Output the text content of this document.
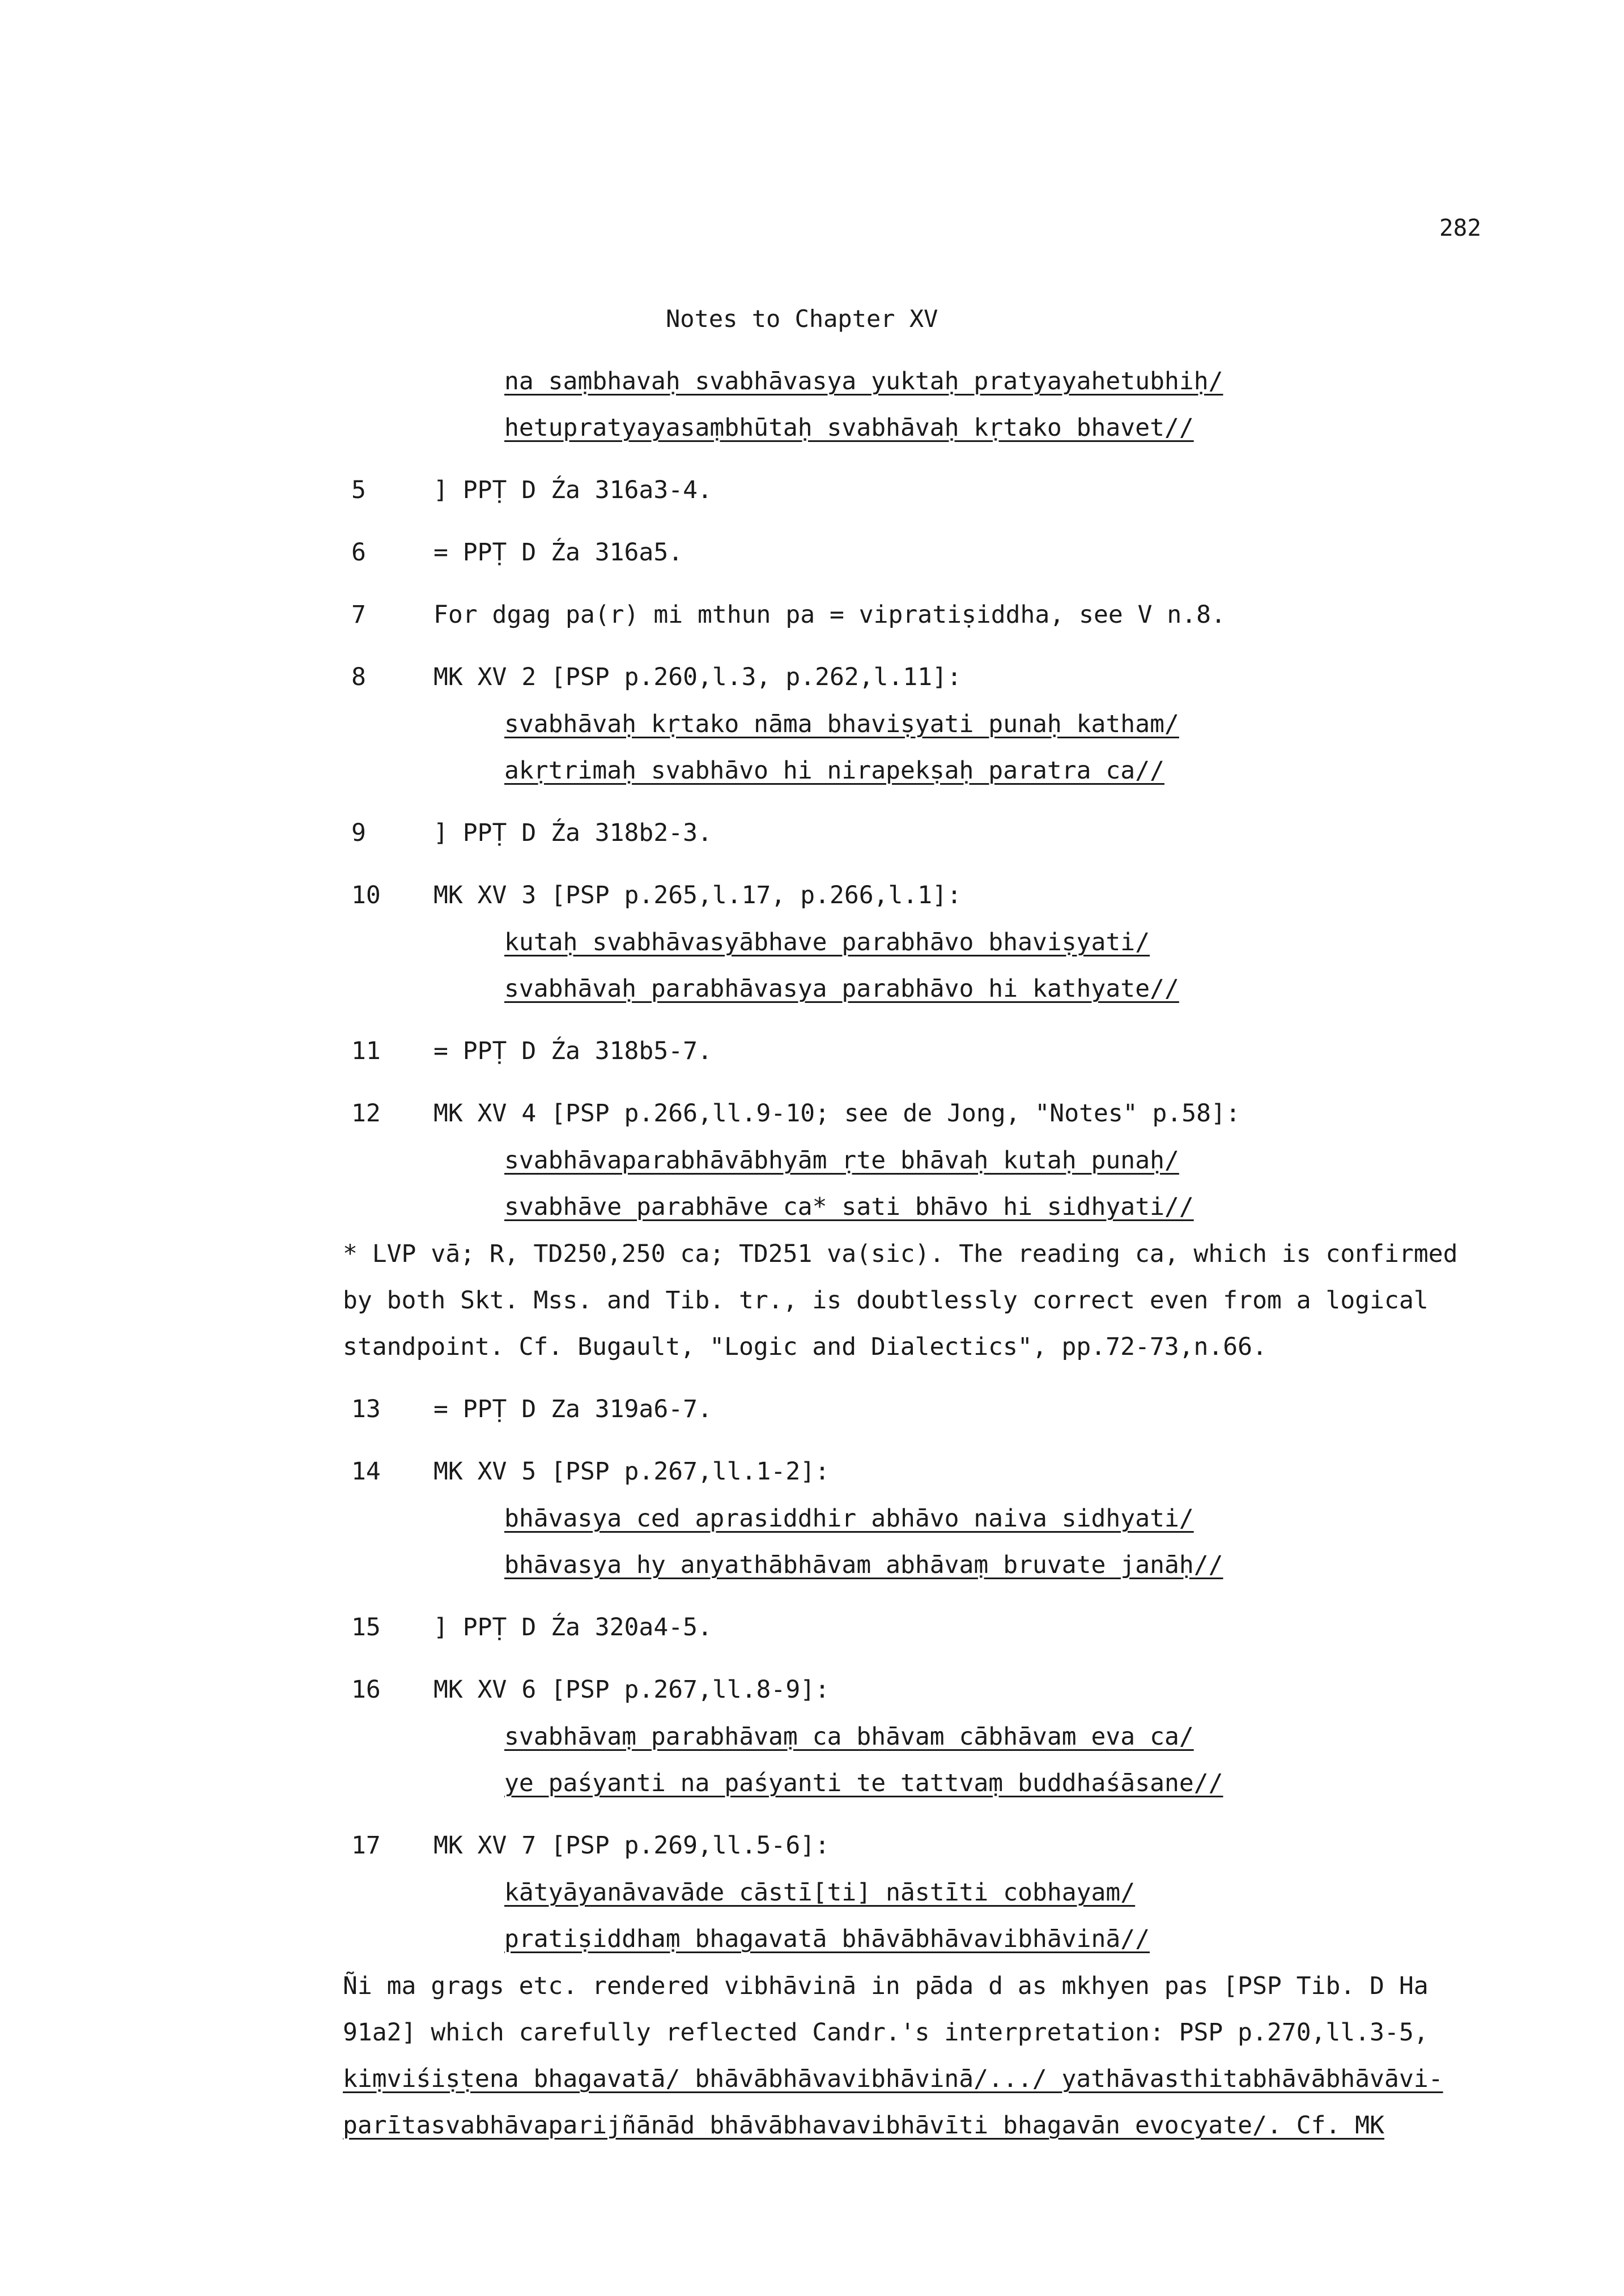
282
Notes to Chapter XV
na saṃbhavaḥ svabhāvasya yuktaḥ pratyayahetubhiḥ/
hetupratyayasaṃbhūtaḥ svabhāvaḥ kṛtako bhavet//
5	] PPṬ D Źa 316a3-4.
6	= PPṬ D Źa 316a5.
7	For dgag pa(r) mi mthun pa = vipratiṣiddha, see V n.8.
8	MK XV 2 [PSP p.260,l.3, p.262,l.11]:
svabhāvaḥ kṛtako nāma bhaviṣyati punaḥ katham/
akṛtrimaḥ svabhāvo hi nirapekṣaḥ paratra ca//
9	] PPṬ D Źa 318b2-3.
10 MK XV 3 [PSP p.265,l.17, p.266,l.1]:
kutaḥ svabhāvasyābhave parabhāvo bhaviṣyati/
svabhāvaḥ parabhāvasya parabhāvo hi kathyate//
11 = PPṬ D Źa 318b5-7.
12 MK XV 4 [PSP p.266,ll.9-10; see de Jong, "Notes" p.58]:
svabhāvaparabhāvābhyām ṛte bhāvaḥ kutaḥ punaḥ/
svabhāve parabhāve ca* sati bhāvo hi sidhyati//
* LVP vā; R, TD250,250 ca; TD251 va(sic). The reading ca, which is confirmed
by both Skt. Mss. and Tib. tr., is doubtlessly correct even from a logical
standpoint. Cf. Bugault, "Logic and Dialectics", pp.72-73,n.66.
13 = PPṬ D Za 319a6-7.
14 MK XV 5 [PSP p.267,ll.1-2]:
bhāvasya ced aprasiddhir abhāvo naiva sidhyati/
bhāvasya hy anyathābhāvam abhāvaṃ bruvate janāḥ//
15 ] PPṬ D Źa 320a4-5.
16 MK XV 6 [PSP p.267,ll.8-9]:
svabhāvaṃ parabhāvaṃ ca bhāvam cābhāvam eva ca/
ye paśyanti na paśyanti te tattvaṃ buddhaśāsane//
17 MK XV 7 [PSP p.269,ll.5-6]:
kātyāyanāvavāde cāstī[ti] nāstīti cobhayam/
pratiṣiddhaṃ bhagavatā bhāvābhāvavibhāvinā//
Ñi ma grags etc. rendered vibhāvinā in pāda d as mkhyen pas [PSP Tib. D Ha
91a2] which carefully reflected Candr.'s interpretation: PSP p.270,ll.3-5,
kiṃviśiṣṭena bhagavatā/ bhāvābhāvavibhāvinā/.../ yathāvasthitabhāvābhāvāvi-
parītasvabhāvaparijñānād bhāvābhavavibhāvīti bhagavān evocyate/. Cf. MK
